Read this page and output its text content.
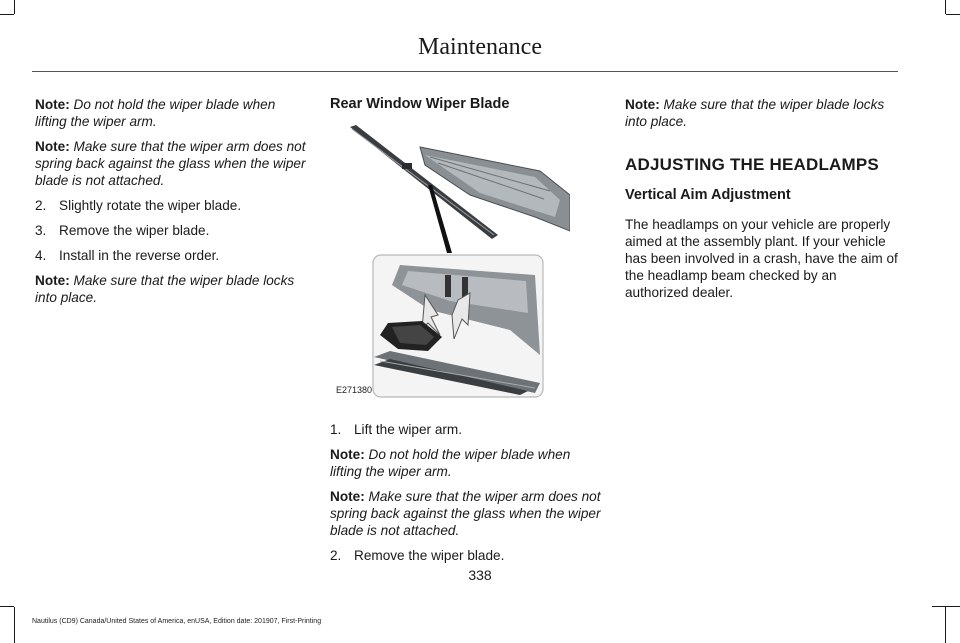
Maintenance

Note: Do not hold the wiper blade when lifting the wiper arm.

Note: Make sure that the wiper arm does not spring back against the glass when the wiper blade is not attached.

2. Slightly rotate the wiper blade.
3. Remove the wiper blade.
4. Install in the reverse order.

Note: Make sure that the wiper blade locks into place.

Rear Window Wiper Blade
E271380
1. Lift the wiper arm.

Note: Do not hold the wiper blade when lifting the wiper arm.

Note: Make sure that the wiper arm does not spring back against the glass when the wiper blade is not attached.

2. Remove the wiper blade.

Note: Make sure that the wiper blade locks into place.

ADJUSTING THE HEADLAMPS
Vertical Aim Adjustment

The headlamps on your vehicle are properly aimed at the assembly plant. If your vehicle has been involved in a crash, have the aim of the headlamp beam checked by an authorized dealer.

338
Nautilus (CD9) Canada/United States of America, enUSA, Edition date: 201907, First-Printing
